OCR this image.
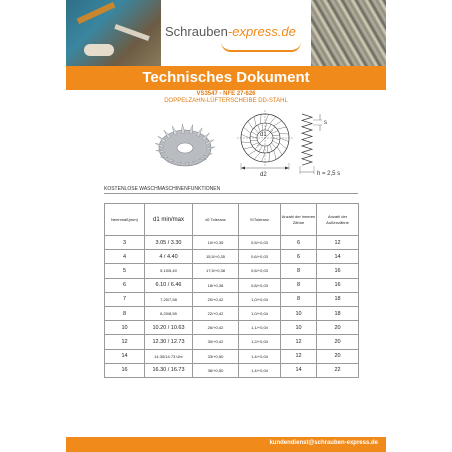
Schrauben-express.de
Technisches Dokument
VS3547 - NFE 27-626
DOPPELZAHN-LÜFTERSCHEIBE DD-STAHL
d1
d2
s
h = 2,5 s
KOSTENLOSE WASCHMASCHINENFUNKTIONEN
Nennmaß(mm)	d1 min/max	d2 Toleranz	S/Toleranz	Anzahl der inneren Zähne	Anzahl der Außenzähne
3	3.05 / 3.30	10/+0,35	0,5/+0,03	6	12
4	4 / 4.40	15,5/+0,35	0,6/+0,03	6	14
5	5,10/5,40	17,5/+0,38	0,6/+0,03	8	16
6	6.10 / 6.46	18/+0,38	0,8/+0,03	8	16
7	7,20/7,58	20/+0,42	1,0/+0,04	8	18
8	8,20/8,55	22/+0,42	1,0/+0,04	10	18
10	10.20 / 10.63	26/+0,42	1,1/+0,04	10	20
12	12.30 / 12.73	30/+0,42	1,2/+0,04	12	20
14	14.30/14.73 Uhr	33/+0,50	1,4/+0,04	12	20
16	16.30 / 16.73	36/+0,50	1,4/+0,04	14	22
kundendienst@schrauben-express.de
